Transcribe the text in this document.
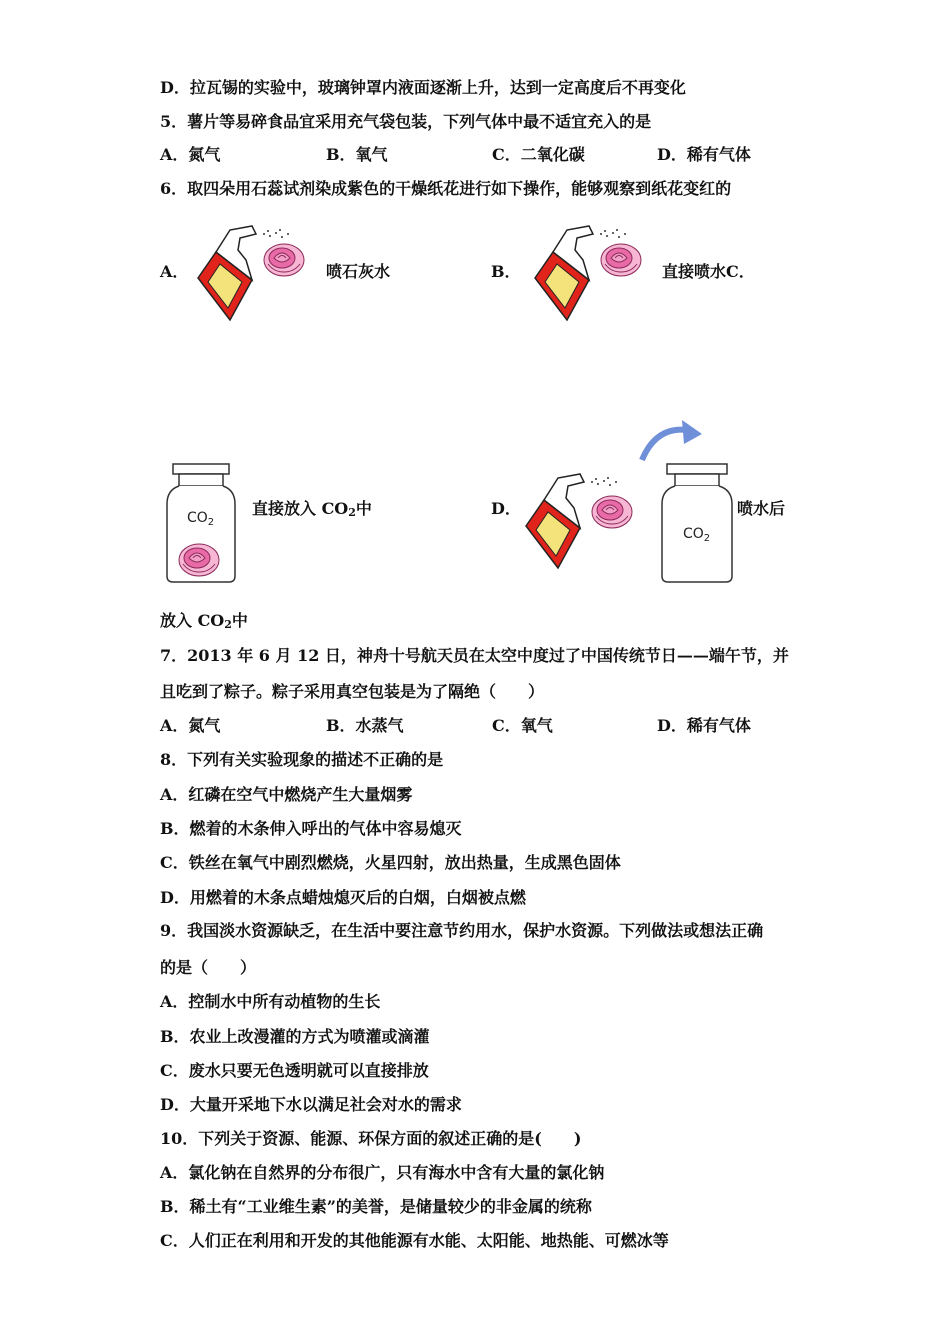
D．拉瓦锡的实验中，玻璃钟罩内液面逐渐上升，达到一定高度后不再变化
5．薯片等易碎食品宜采用充气袋包装，下列气体中最不适宜充入的是
A．氮气	B．氧气	C．二氧化碳	D．稀有气体
6．取四朵用石蕊试剂染成紫色的干燥纸花进行如下操作，能够观察到纸花变红的
A．	喷石灰水	B．	直接喷水C．
$CO_2$
直接放入 $CO_2$中	D．
$CO_2$
喷水后
放入 $CO_2$中
7．2013 年 6 月 12 日，神舟十号航天员在太空中度过了中国传统节日——端午节，并
且吃到了粽子。粽子采用真空包装是为了隔绝（　　）
A．氮气	B．水蒸气	C．氧气	D．稀有气体
8．下列有关实验现象的描述不正确的是
A．红磷在空气中燃烧产生大量烟雾
B．燃着的木条伸入呼出的气体中容易熄灭
C．铁丝在氧气中剧烈燃烧，火星四射，放出热量，生成黑色固体
D．用燃着的木条点蜡烛熄灭后的白烟，白烟被点燃
9．我国淡水资源缺乏，在生活中要注意节约用水，保护水资源。下列做法或想法正确
的是（　　）
A．控制水中所有动植物的生长
B．农业上改漫灌的方式为喷灌或滴灌
C．废水只要无色透明就可以直接排放
D．大量开采地下水以满足社会对水的需求
10．下列关于资源、能源、环保方面的叙述正确的是(　　)
A．氯化钠在自然界的分布很广，只有海水中含有大量的氯化钠
B．稀土有“工业维生素”的美誉，是储量较少的非金属的统称
C．人们正在利用和开发的其他能源有水能、太阳能、地热能、可燃冰等
